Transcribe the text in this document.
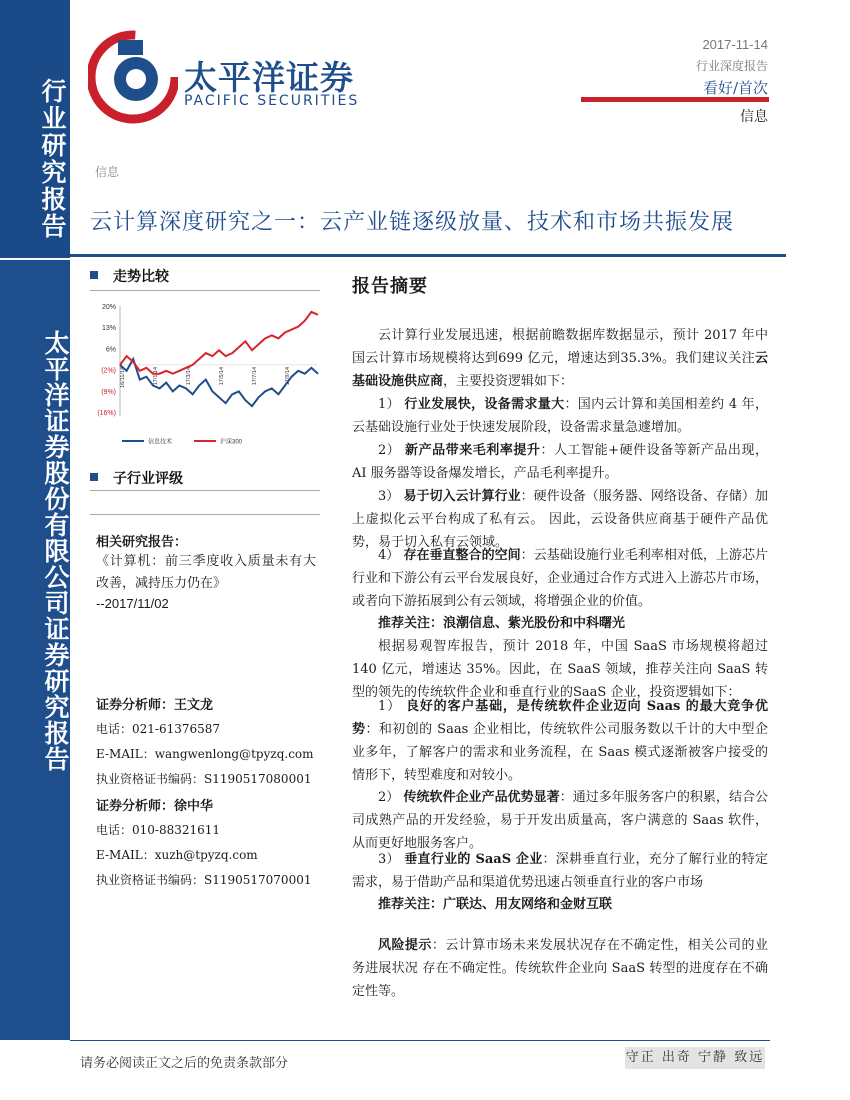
行业研究报告
太平洋证券股份有限公司证券研究报告
太平洋证券
PACIFIC SECURITIES
2017-11-14
行业深度报告
看好/首次
信息
信息
云计算深度研究之一：云产业链逐级放量、技术和市场共振发展
走势比较
20%
13%
6%
(2%)
(9%)
(16%)
16/11/14	17/1/14	17/3/14	17/5/14	17/7/14	17/9/14
信息技术	沪深300
子行业评级
相关研究报告：
《计算机：前三季度收入质量未有大改善，减持压力仍在》
--2017/11/02
证券分析师：王文龙
电话：021-61376587
E-MAIL：wangwenlong@tpyzq.com
执业资格证书编码：S1190517080001
证券分析师：徐中华
电话：010-88321611
E-MAIL：xuzh@tpyzq.com
执业资格证书编码：S1190517070001
报告摘要
云计算行业发展迅速，根据前瞻数据库数据显示，预计 2017 年中国云计算市场规模将达到699 亿元，增速达到35.3%。我们建议关注云基础设施供应商，主要投资逻辑如下：
1） 行业发展快，设备需求量大：国内云计算和美国相差约 4 年，云基础设施行业处于快速发展阶段，设备需求量急遽增加。
2） 新产品带来毛利率提升：人工智能+硬件设备等新产品出现， AI 服务器等设备爆发增长，产品毛利率提升。
3） 易于切入云计算行业：硬件设备（服务器、网络设备、存储）加上虚拟化云平台构成了私有云。 因此，云设备供应商基于硬件产品优势，易于切入私有云领域。
4） 存在垂直整合的空间：云基础设施行业毛利率相对低，上游芯片行业和下游公有云平台发展良好，企业通过合作方式进入上游芯片市场，或者向下游拓展到公有云领域，将增强企业的价值。
推荐关注：浪潮信息、紫光股份和中科曙光
根据易观智库报告，预计 2018 年，中国 SaaS 市场规模将超过 140 亿元，增速达 35%。因此，在 SaaS 领域，推荐关注向 SaaS 转型的领先的传统软件企业和垂直行业的SaaS 企业，投资逻辑如下：
1） 良好的客户基础，是传统软件企业迈向 Saas 的最大竞争优势：和初创的 Saas 企业相比，传统软件公司服务数以千计的大中型企业多年，了解客户的需求和业务流程，在 Saas 模式逐渐被客户接受的情形下，转型难度和对较小。
2） 传统软件企业产品优势显著：通过多年服务客户的积累，结合公司成熟产品的开发经验，易于开发出质量高，客户满意的 Saas 软件，从而更好地服务客户。
3） 垂直行业的 SaaS 企业：深耕垂直行业，充分了解行业的特定需求，易于借助产品和渠道优势迅速占领垂直行业的客户市场
推荐关注：广联达、用友网络和金财互联
风险提示：云计算市场未来发展状况存在不确定性，相关公司的业务进展状况 存在不确定性。传统软件企业向 SaaS 转型的进度存在不确定性等。
请务必阅读正文之后的免责条款部分	守正 出奇 宁静 致远
